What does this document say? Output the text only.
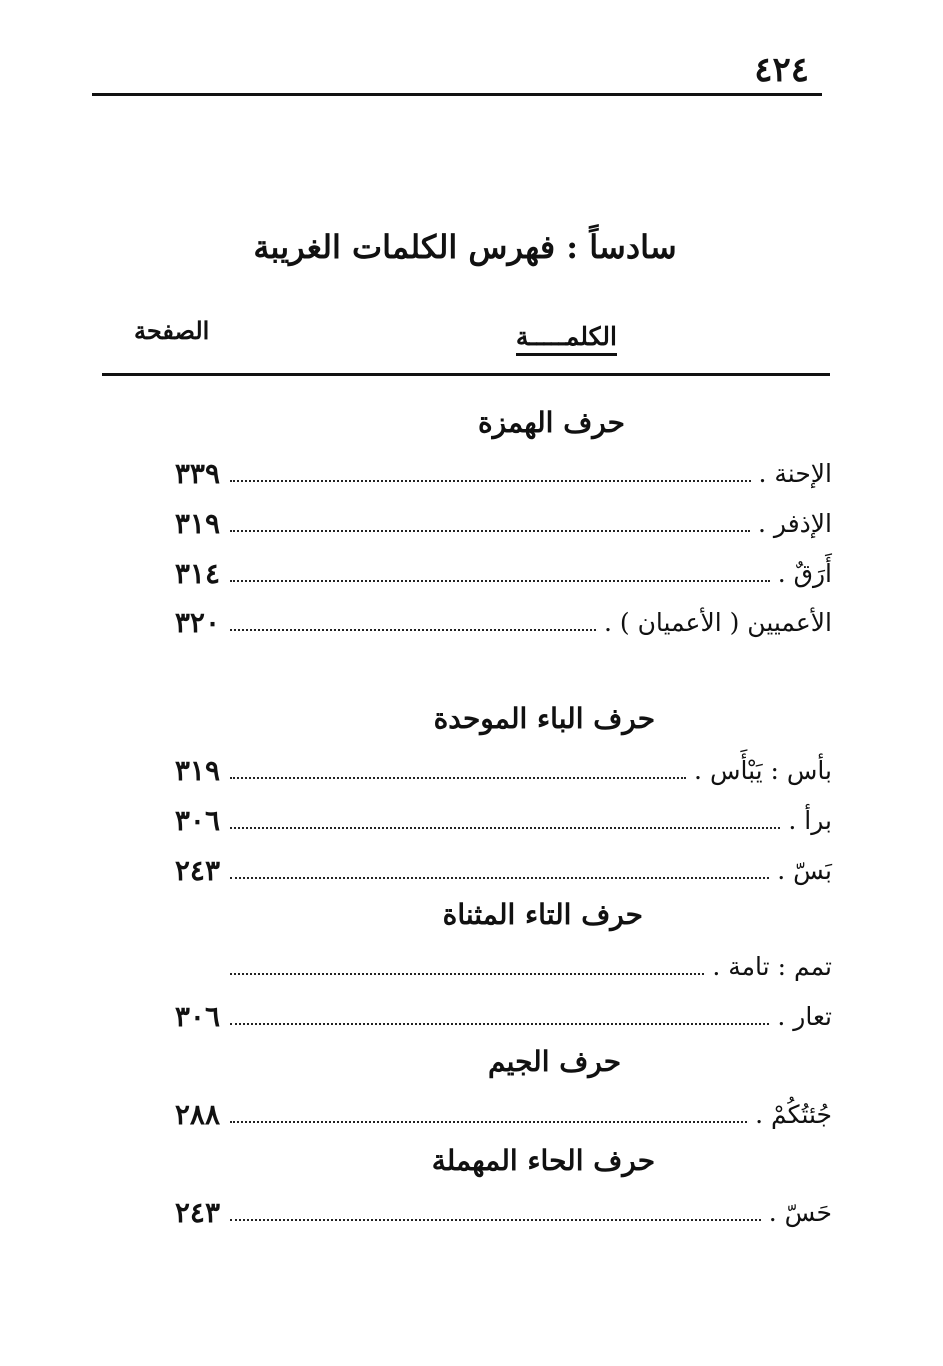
٤٢٤
سادساً : فهرس الكلمات الغريبة
الكلمـــــة
الصفحة
حرف الهمزة
الإحنة .
٣٣٩
الإذفر .
٣١٩
أَرَقٌ .
٣١٤
الأعميين ( الأعميان ) .
٣٢٠
حرف الباء الموحدة
بأس : يَبْأَس .
٣١٩
برأ .
٣٠٦
بَسّ .
٢٤٣
حرف التاء المثناة
تمم : تامة .
تعار .
٣٠٦
حرف الجيم
جُئتُكُمْ .
٢٨٨
حرف الحاء المهملة
حَسّ .
٢٤٣
